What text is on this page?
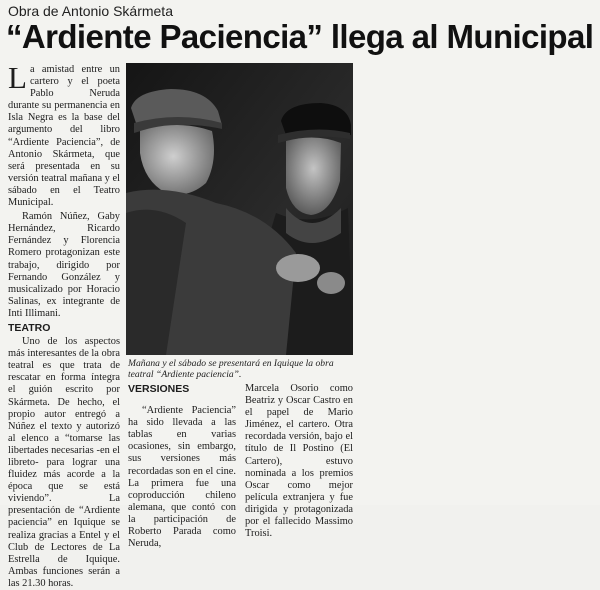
Obra de Antonio Skármeta
“Ardiente Paciencia” llega al Municipal

La amistad entre un cartero y el poeta Pablo Neruda durante su permanencia en Isla Negra es la base del argumento del libro “Ardiente Paciencia”, de Antonio Skármeta, que será presentada en su versión teatral mañana y el sábado en el Teatro Municipal.

Ramón Núñez, Gaby Hernández, Ricardo Fernández y Florencia Romero protagonizan este trabajo, dirigido por Fernando González y musicalizado por Horacio Salinas, ex integrante de Inti Illimani.

TEATRO

Uno de los aspectos más interesantes de la obra teatral es que trata de rescatar en forma íntegra el guión escrito por Skármeta. De hecho, el propio autor entregó a Núñez el texto y autorizó al elenco a “tomarse las libertades necesarias -en el libreto- para lograr una fluidez más acorde a la época que se está viviendo”. La presentación de “Ardiente paciencia” en Iquique se realiza gracias a Entel y el Club de Lectores de La Estrella de Iquique. Ambas funciones serán a las 21.30 horas.

Mañana y el sábado se presentará en Iquique la obra teatral “Ardiente paciencia”.

VERSIONES

“Ardiente Paciencia” ha sido llevada a las tablas en varias ocasiones, sin embargo, sus versiones más recordadas son en el cine. La primera fue una coproducción chileno alemana, que contó con la participación de Roberto Parada como Neruda,

Marcela Osorio como Beatriz y Oscar Castro en el papel de Mario Jiménez, el cartero. Otra recordada versión, bajo el título de Il Postino (El Cartero), estuvo nominada a los premios Oscar como mejor película extranjera y fue dirigida y protagonizada por el fallecido Massimo Troisi.
